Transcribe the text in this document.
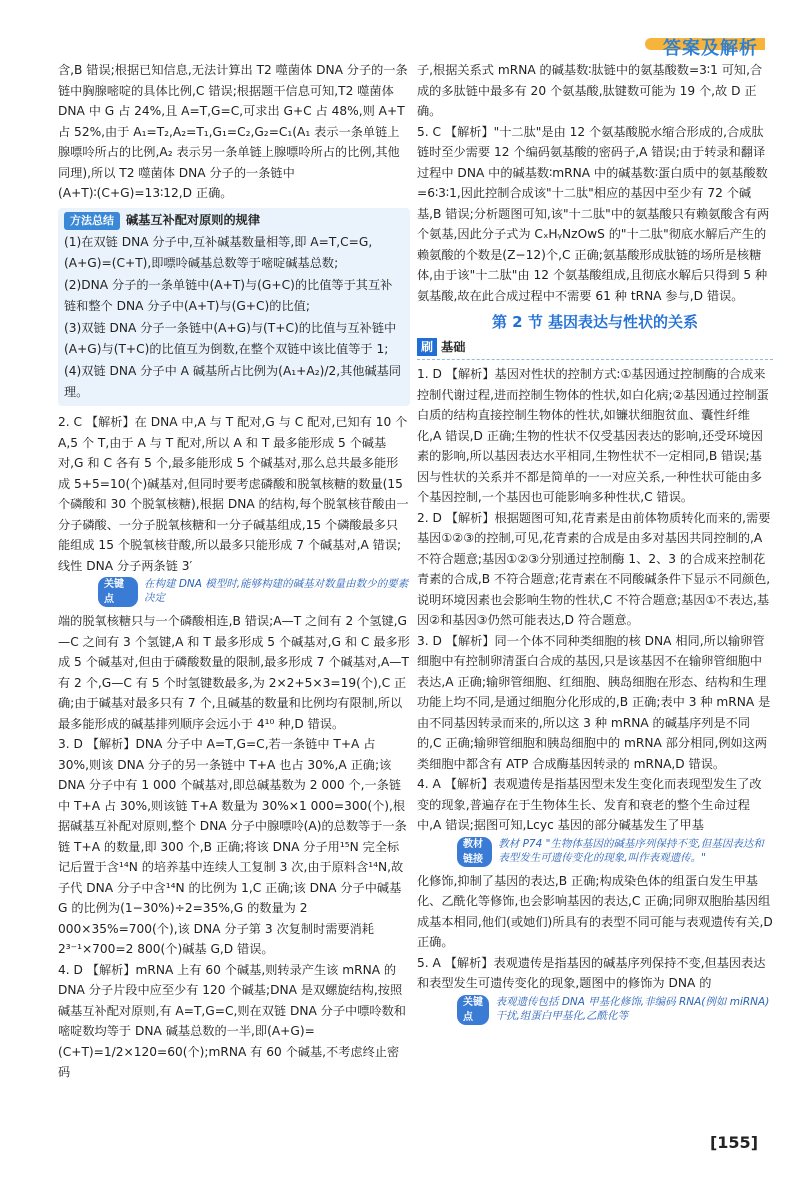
答案及解析

含,B 错误;根据已知信息,无法计算出 T2 噬菌体 DNA 分子的一条链中胸腺嘧啶的具体比例,C 错误;根据题干信息可知,T2 噬菌体 DNA 中 G 占 24%,且 A=T,G=C,可求出 G+C 占 48%,则 A+T 占 52%,由于 A₁=T₂,A₂=T₁,G₁=C₂,G₂=C₁(A₁ 表示一条单链上腺嘌呤所占的比例,A₂ 表示另一条单链上腺嘌呤所占的比例,其他同理),所以 T2 噬菌体 DNA 分子的一条链中(A+T)∶(C+G)=13∶12,D 正确。

方法总结 碱基互补配对原则的规律

(1)在双链 DNA 分子中,互补碱基数量相等,即 A=T,C=G,(A+G)=(C+T),即嘌呤碱基总数等于嘧啶碱基总数;

(2)DNA 分子的一条单链中(A+T)与(G+C)的比值等于其互补链和整个 DNA 分子中(A+T)与(G+C)的比值;

(3)双链 DNA 分子一条链中(A+G)与(T+C)的比值与互补链中(A+G)与(T+C)的比值互为倒数,在整个双链中该比值等于 1;

(4)双链 DNA 分子中 A 碱基所占比例为(A₁+A₂)/2,其他碱基同理。

2. C 【解析】在 DNA 中,A 与 T 配对,G 与 C 配对,已知有 10 个 A,5 个 T,由于 A 与 T 配对,所以 A 和 T 最多能形成 5 个碱基对,G 和 C 各有 5 个,最多能形成 5 个碱基对,那么总共最多能形成 5+5=10(个)碱基对,但同时要考虑磷酸和脱氧核糖的数量(15 个磷酸和 30 个脱氧核糖),根据 DNA 的结构,每个脱氧核苷酸由一分子磷酸、一分子脱氧核糖和一分子碱基组成,15 个磷酸最多只能组成 15 个脱氧核苷酸,所以最多只能形成 7 个碱基对,A 错误;线性 DNA 分子两条链 3′

关键点
在构建 DNA 模型时,能够构建的碱基对数量由数少的要素决定

端的脱氧核糖只与一个磷酸相连,B 错误;A—T 之间有 2 个氢键,G—C 之间有 3 个氢键,A 和 T 最多形成 5 个碱基对,G 和 C 最多形成 5 个碱基对,但由于磷酸数量的限制,最多形成 7 个碱基对,A—T 有 2 个,G—C 有 5 个时氢键数最多,为 2×2+5×3=19(个),C 正确;由于碱基对最多只有 7 个,且碱基的数量和比例均有限制,所以最多能形成的碱基排列顺序会远小于 4¹⁰ 种,D 错误。

3. D 【解析】DNA 分子中 A=T,G=C,若一条链中 T+A 占 30%,则该 DNA 分子的另一条链中 T+A 也占 30%,A 正确;该 DNA 分子中有 1 000 个碱基对,即总碱基数为 2 000 个,一条链中 T+A 占 30%,则该链 T+A 数量为 30%×1 000=300(个),根据碱基互补配对原则,整个 DNA 分子中腺嘌呤(A)的总数等于一条链 T+A 的数量,即 300 个,B 正确;将该 DNA 分子用¹⁵N 完全标记后置于含¹⁴N 的培养基中连续人工复制 3 次,由于原料含¹⁴N,故子代 DNA 分子中含¹⁴N 的比例为 1,C 正确;该 DNA 分子中碱基 G 的比例为(1−30%)÷2=35%,G 的数量为 2 000×35%=700(个),该 DNA 分子第 3 次复制时需要消耗 2³⁻¹×700=2 800(个)碱基 G,D 错误。

4. D 【解析】mRNA 上有 60 个碱基,则转录产生该 mRNA 的 DNA 分子片段中应至少有 120 个碱基;DNA 是双螺旋结构,按照碱基互补配对原则,有 A=T,G=C,则在双链 DNA 分子中嘌呤数和嘧啶数均等于 DNA 碱基总数的一半,即(A+G)=(C+T)=1/2×120=60(个);mRNA 有 60 个碱基,不考虑终止密码

子,根据关系式 mRNA 的碱基数∶肽链中的氨基酸数=3∶1 可知,合成的多肽链中最多有 20 个氨基酸,肽键数可能为 19 个,故 D 正确。

5. C 【解析】"十二肽"是由 12 个氨基酸脱水缩合形成的,合成肽链时至少需要 12 个编码氨基酸的密码子,A 错误;由于转录和翻译过程中 DNA 中的碱基数∶mRNA 中的碱基数∶蛋白质中的氨基酸数=6∶3∶1,因此控制合成该"十二肽"相应的基因中至少有 72 个碱基,B 错误;分析题图可知,该"十二肽"中的氨基酸只有赖氨酸含有两个氨基,因此分子式为 CₓHᵧNzOwS 的"十二肽"彻底水解后产生的赖氨酸的个数是(Z−12)个,C 正确;氨基酸形成肽链的场所是核糖体,由于该"十二肽"由 12 个氨基酸组成,且彻底水解后只得到 5 种氨基酸,故在此合成过程中不需要 61 种 tRNA 参与,D 错误。

第 2 节 基因表达与性状的关系
刷 基础

1. D 【解析】基因对性状的控制方式:①基因通过控制酶的合成来控制代谢过程,进而控制生物体的性状,如白化病;②基因通过控制蛋白质的结构直接控制生物体的性状,如镰状细胞贫血、囊性纤维化,A 错误,D 正确;生物的性状不仅受基因表达的影响,还受环境因素的影响,所以基因表达水平相同,生物性状不一定相同,B 错误;基因与性状的关系并不都是简单的一一对应关系,一种性状可能由多个基因控制,一个基因也可能影响多种性状,C 错误。

2. D 【解析】根据题图可知,花青素是由前体物质转化而来的,需要基因①②③的控制,可见,花青素的合成是由多对基因共同控制的,A 不符合题意;基因①②③分别通过控制酶 1、2、3 的合成来控制花青素的合成,B 不符合题意;花青素在不同酸碱条件下显示不同颜色,说明环境因素也会影响生物的性状,C 不符合题意;基因①不表达,基因②和基因③仍然可能表达,D 符合题意。

3. D 【解析】同一个体不同种类细胞的核 DNA 相同,所以输卵管细胞中有控制卵清蛋白合成的基因,只是该基因不在输卵管细胞中表达,A 正确;输卵管细胞、红细胞、胰岛细胞在形态、结构和生理功能上均不同,是通过细胞分化形成的,B 正确;表中 3 种 mRNA 是由不同基因转录而来的,所以这 3 种 mRNA 的碱基序列是不同的,C 正确;输卵管细胞和胰岛细胞中的 mRNA 部分相同,例如这两类细胞中都含有 ATP 合成酶基因转录的 mRNA,D 错误。

4. A 【解析】表观遗传是指基因型未发生变化而表现型发生了改变的现象,普遍存在于生物体生长、发育和衰老的整个生命过程中,A 错误;据图可知,Lcyc 基因的部分碱基发生了甲基

教材链接
教材 P74 "生物体基因的碱基序列保持不变,但基因表达和表型发生可遗传变化的现象,叫作表观遗传。"

化修饰,抑制了基因的表达,B 正确;构成染色体的组蛋白发生甲基化、乙酰化等修饰,也会影响基因的表达,C 正确;同卵双胞胎基因组成基本相同,他们(或她们)所具有的表型不同可能与表观遗传有关,D 正确。

5. A 【解析】表观遗传是指基因的碱基序列保持不变,但基因表达和表型发生可遗传变化的现象,题图中的修饰为 DNA 的

关键点
表观遗传包括 DNA 甲基化修饰,非编码 RNA(例如 miRNA)干扰,组蛋白甲基化,乙酰化等
[155]
